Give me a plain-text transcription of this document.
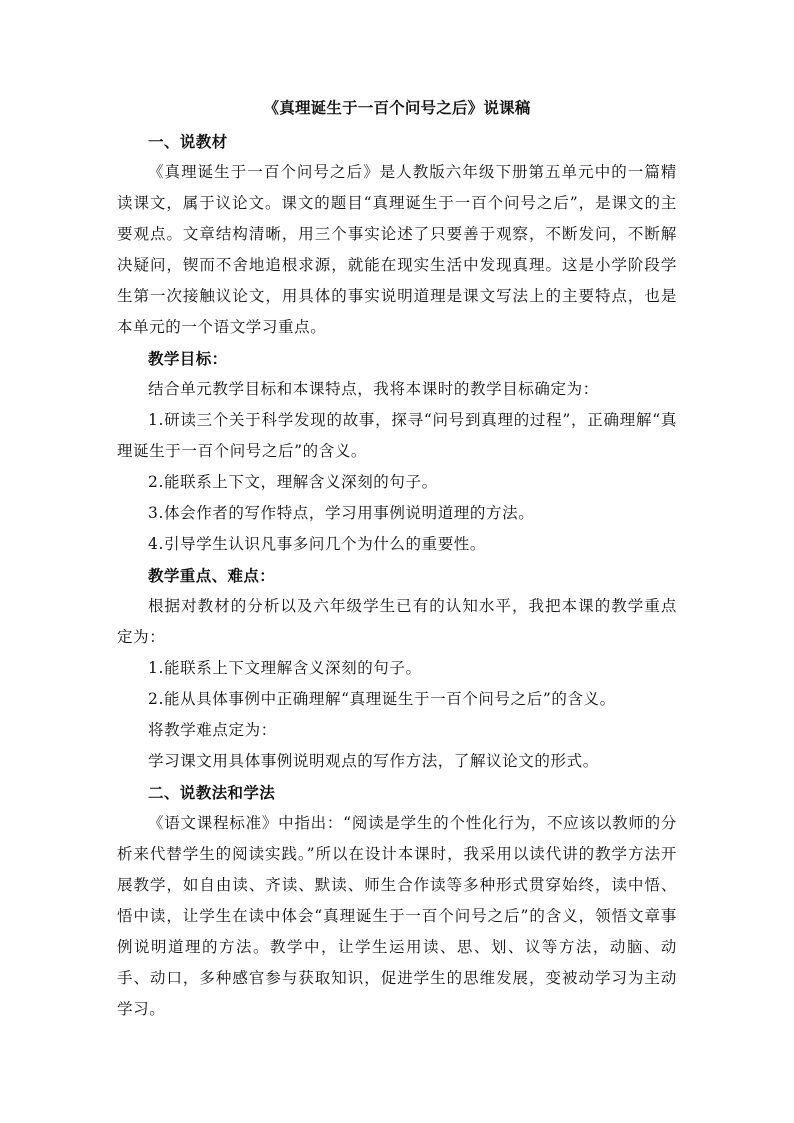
《真理诞生于一百个问号之后》说课稿

一、说教材

《真理诞生于一百个问号之后》是人教版六年级下册第五单元中的一篇精读课文，属于议论文。课文的题目“真理诞生于一百个问号之后”，是课文的主要观点。文章结构清晰，用三个事实论述了只要善于观察，不断发问，不断解决疑问，锲而不舍地追根求源，就能在现实生活中发现真理。这是小学阶段学生第一次接触议论文，用具体的事实说明道理是课文写法上的主要特点，也是本单元的一个语文学习重点。

教学目标：

结合单元教学目标和本课特点，我将本课时的教学目标确定为：

1.研读三个关于科学发现的故事，探寻“问号到真理的过程”，正确理解“真理诞生于一百个问号之后”的含义。

2.能联系上下文，理解含义深刻的句子。

3.体会作者的写作特点，学习用事例说明道理的方法。

4.引导学生认识凡事多问几个为什么的重要性。

教学重点、难点：

根据对教材的分析以及六年级学生已有的认知水平，我把本课的教学重点定为：

1.能联系上下文理解含义深刻的句子。

2.能从具体事例中正确理解“真理诞生于一百个问号之后”的含义。

将教学难点定为：

学习课文用具体事例说明观点的写作方法，了解议论文的形式。

二、说教法和学法

《语文课程标准》中指出：“阅读是学生的个性化行为，不应该以教师的分析来代替学生的阅读实践。”所以在设计本课时，我采用以读代讲的教学方法开展教学，如自由读、齐读、默读、师生合作读等多种形式贯穿始终，读中悟、悟中读，让学生在读中体会“真理诞生于一百个问号之后”的含义，领悟文章事例说明道理的方法。教学中，让学生运用读、思、划、议等方法，动脑、动手、动口，多种感官参与获取知识，促进学生的思维发展，变被动学习为主动学习。
